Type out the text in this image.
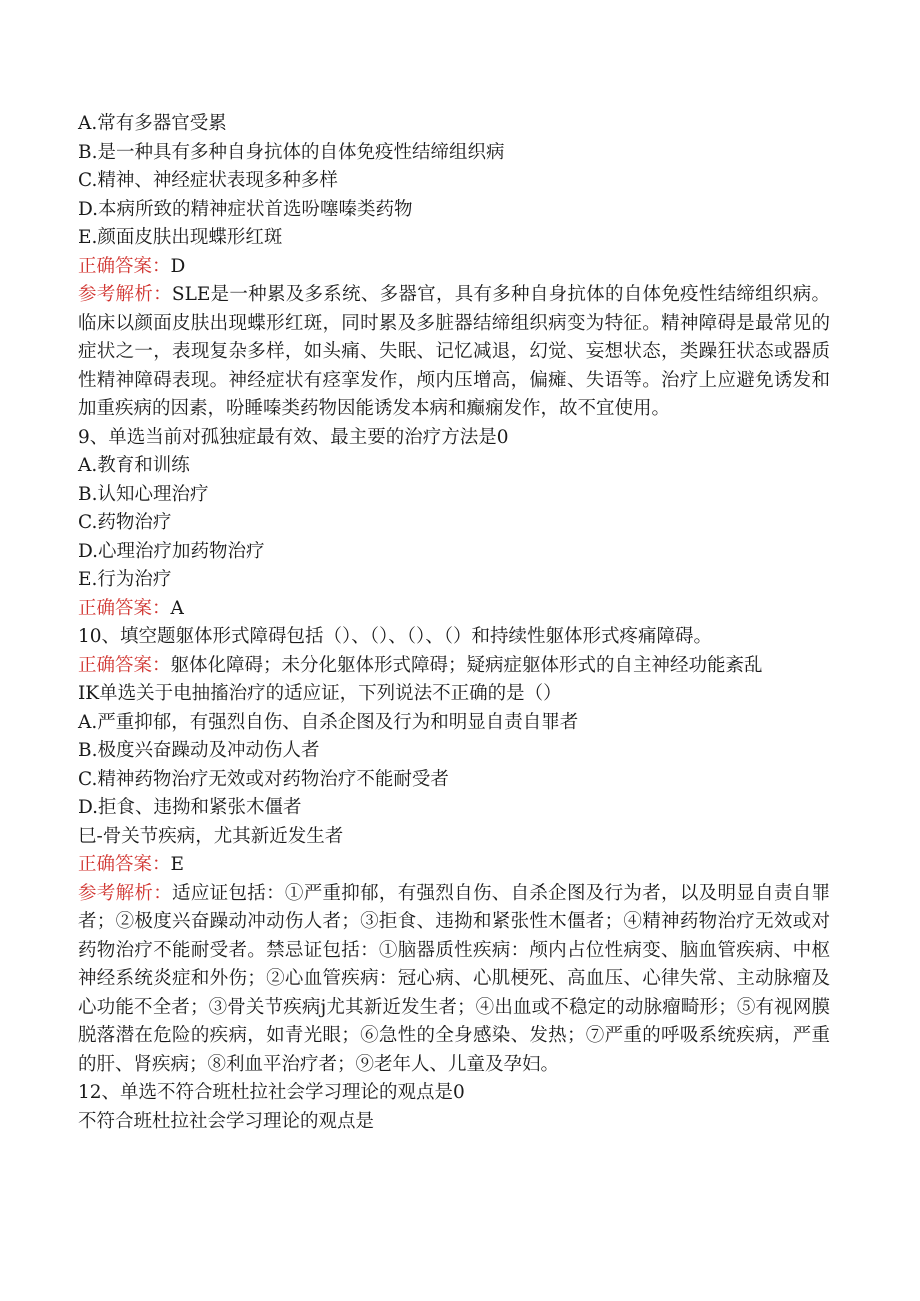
A.常有多器官受累

B.是一种具有多种自身抗体的自体免疫性结缔组织病

C.精神、神经症状表现多种多样

D.本病所致的精神症状首选吩噻嗪类药物

E.颜面皮肤出现蝶形红斑

正确答案：D

参考解析：SLE是一种累及多系统、多器官，具有多种自身抗体的自体免疫性结缔组织病。临床以颜面皮肤出现蝶形红斑，同时累及多脏器结缔组织病变为特征。精神障碍是最常见的症状之一，表现复杂多样，如头痛、失眠、记忆减退，幻觉、妄想状态，类躁狂状态或器质性精神障碍表现。神经症状有痉挛发作，颅内压增高，偏瘫、失语等。治疗上应避免诱发和加重疾病的因素，吩睡嗪类药物因能诱发本病和癫痫发作，故不宜使用。

9、单选当前对孤独症最有效、最主要的治疗方法是0

A.教育和训练

B.认知心理治疗

C.药物治疗

D.心理治疗加药物治疗

E.行为治疗

正确答案：A

10、填空题躯体形式障碍包括（）、（）、（）、（）和持续性躯体形式疼痛障碍。

正确答案：躯体化障碍；未分化躯体形式障碍；疑病症躯体形式的自主神经功能紊乱

IK单选关于电抽搐治疗的适应证，下列说法不正确的是（）

A.严重抑郁，有强烈自伤、自杀企图及行为和明显自责自罪者

B.极度兴奋躁动及冲动伤人者

C.精神药物治疗无效或对药物治疗不能耐受者

D.拒食、违拗和紧张木僵者

巳-骨关节疾病，尤其新近发生者

正确答案：E

参考解析：适应证包括：①严重抑郁，有强烈自伤、自杀企图及行为者，以及明显自责自罪者；②极度兴奋躁动冲动伤人者；③拒食、违拗和紧张性木僵者；④精神药物治疗无效或对药物治疗不能耐受者。禁忌证包括：①脑器质性疾病：颅内占位性病变、脑血管疾病、中枢神经系统炎症和外伤；②心血管疾病：冠心病、心肌梗死、高血压、心律失常、主动脉瘤及心功能不全者；③骨关节疾病j尤其新近发生者；④出血或不稳定的动脉瘤畸形；⑤有视网膜脱落潜在危险的疾病，如青光眼；⑥急性的全身感染、发热；⑦严重的呼吸系统疾病，严重的肝、肾疾病；⑧利血平治疗者；⑨老年人、儿童及孕妇。

12、单选不符合班杜拉社会学习理论的观点是0

不符合班杜拉社会学习理论的观点是
